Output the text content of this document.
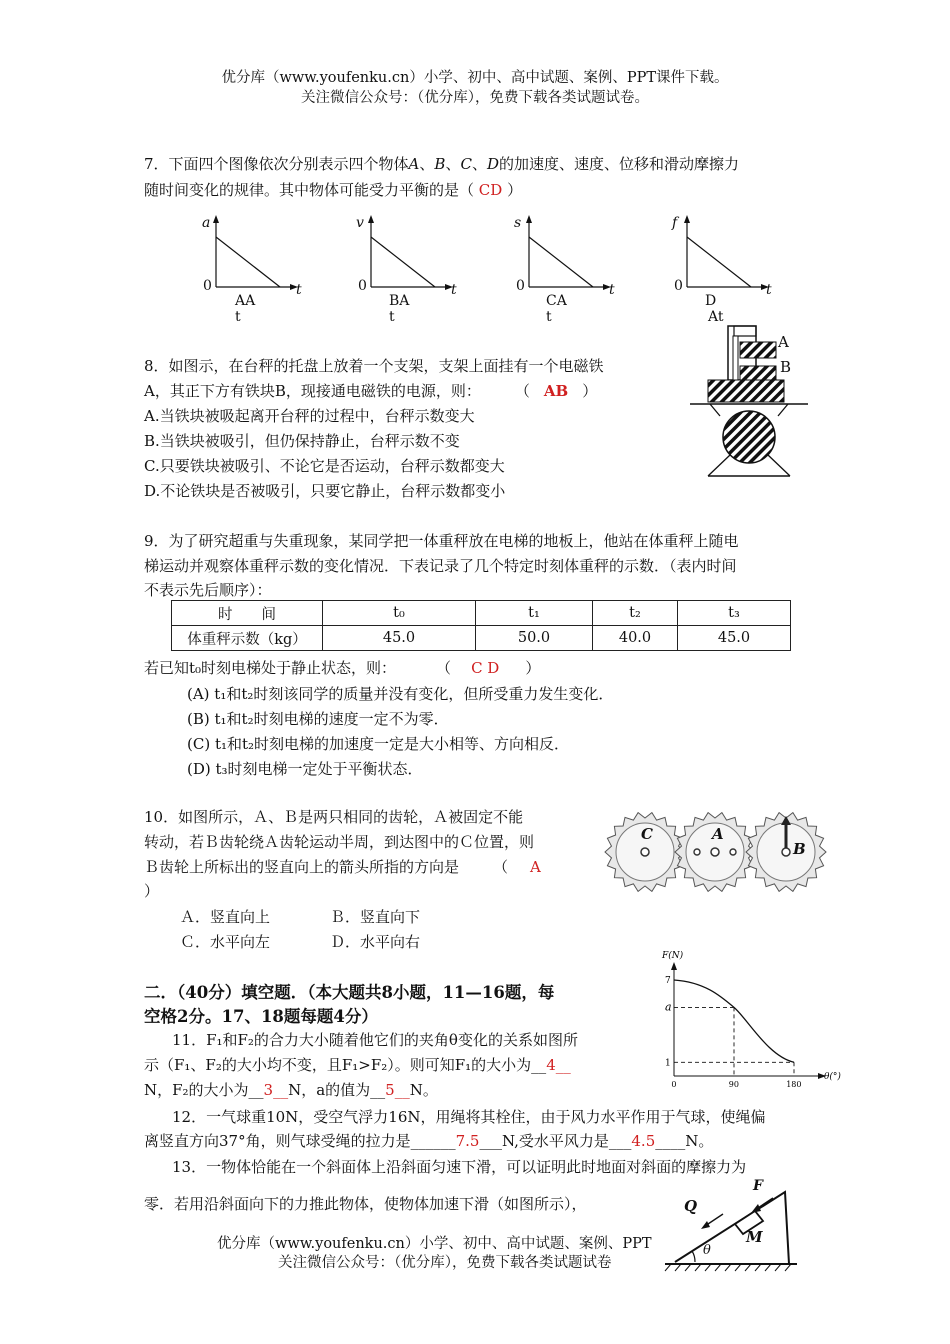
优分库（www.youfenku.cn）小学、初中、高中试题、案例、PPT课件下载。
关注微信公众号：（优分库），免费下载各类试题试卷。
7．下面四个图像依次分别表示四个物体A、B、C、D的加速度、速度、位移和滑动摩擦力
随时间变化的规律。其中物体可能受力平衡的是（ CD ）
a
0	t
AA
t
v
0	t
BA
t
s
0	t
CA
t
f
0	t
D
At
8．如图示，在台秤的托盘上放着一个支架，支架上面挂有一个电磁铁
A，其正下方有铁块B，现接通电磁铁的电源，则： （ AB ）
A.当铁块被吸起离开台秤的过程中，台秤示数变大
B.当铁块被吸引，但仍保持静止，台秤示数不变
C.只要铁块被吸引、不论它是否运动，台秤示数都变大
D.不论铁块是否被吸引，只要它静止，台秤示数都变小
A
B
9．为了研究超重与失重现象，某同学把一体重秤放在电梯的地板上，他站在体重秤上随电
梯运动并观察体重秤示数的变化情况．下表记录了几个特定时刻体重秤的示数．（表内时间
不表示先后顺序）：
时　　间	t₀	t₁	t₂	t₃
体重秤示数（kg）	45.0	50.0	40.0	45.0
若已知t₀时刻电梯处于静止状态，则：	（ C D ）
(A) t₁和t₂时刻该同学的质量并没有变化，但所受重力发生变化．
(B) t₁和t₂时刻电梯的速度一定不为零．
(C) t₁和t₂时刻电梯的加速度一定是大小相等、方向相反．
(D) t₃时刻电梯一定处于平衡状态．
10．如图所示，Ａ、Ｂ是两只相同的齿轮，Ａ被固定不能
转动，若Ｂ齿轮绕Ａ齿轮运动半周，到达图中的Ｃ位置，则
Ｂ齿轮上所标出的竖直向上的箭头所指的方向是 （ A
）
Ａ．竖直向上	Ｂ．竖直向下
Ｃ．水平向左	Ｄ．水平向右
C	A
B
二．（40分）填空题．（本大题共8小题，11—16题，每
空格2分。17、18题每题4分）
11．F₁和F₂的合力大小随着他它们的夹角θ变化的关系如图所
示（F₁、F₂的大小均不变，且F₁>F₂）。则可知F₁的大小为__4__
N，F₂的大小为__3__N，a的值为__5__N。
F(N)
θ(°)
7
a
1
0	90	180
12．一气球重10N，受空气浮力16N，用绳将其栓住，由于风力水平作用于气球，使绳偏
离竖直方向37°角，则气球受绳的拉力是______7.5___N,受水平风力是___4.5____N。
13．一物体恰能在一个斜面体上沿斜面匀速下滑，可以证明此时地面对斜面的摩擦力为
零．若用沿斜面向下的力推此物体，使物体加速下滑（如图所示），	Q
F
M
θ
优分库（www.youfenku.cn）小学、初中、高中试题、案例、PPT
关注微信公众号：（优分库），免费下载各类试题试卷
